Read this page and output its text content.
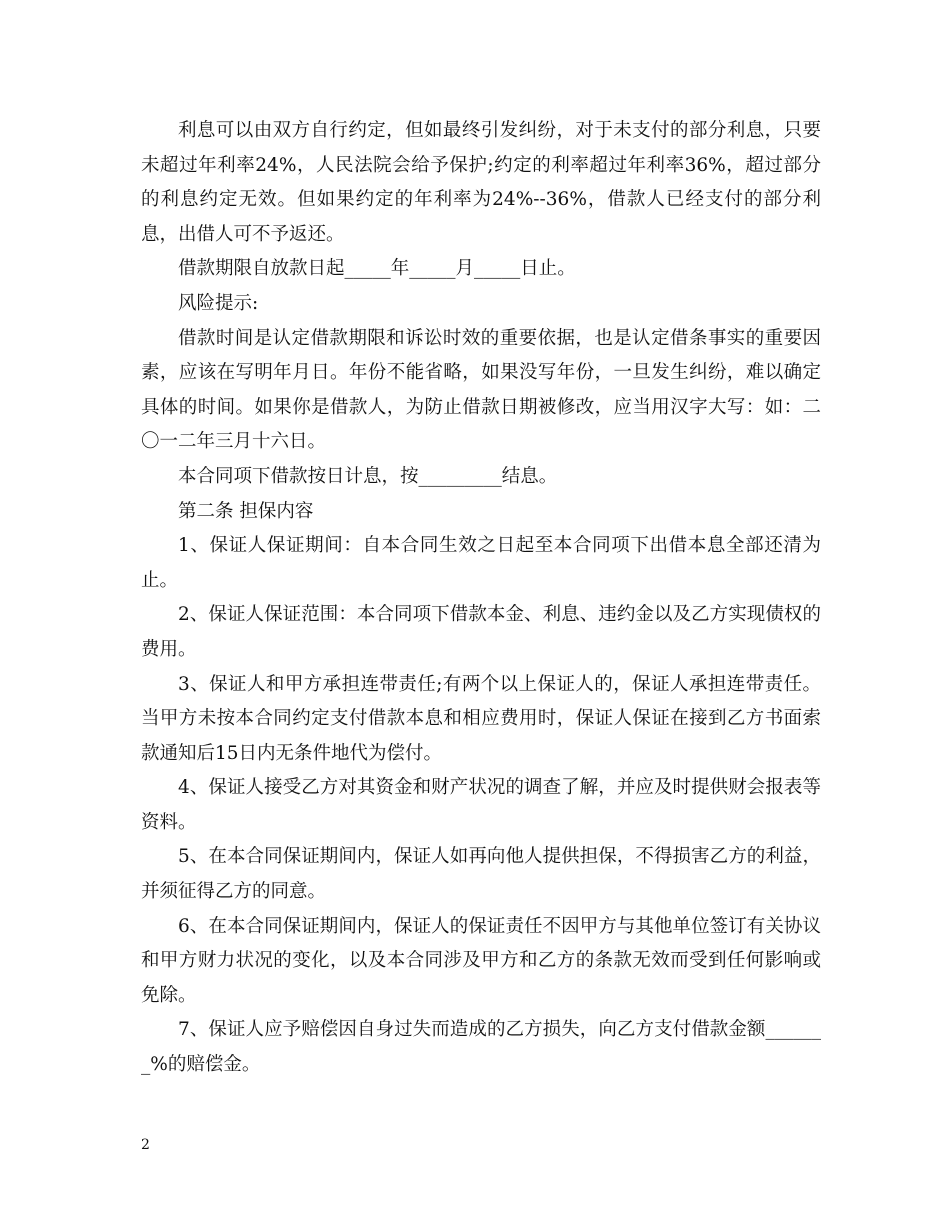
利息可以由双方自行约定，但如最终引发纠纷，对于未支付的部分利息，只要未超过年利率24%，人民法院会给予保护;约定的利率超过年利率36%，超过部分的利息约定无效。但如果约定的年利率为24%--36%，借款人已经支付的部分利息，出借人可不予返还。

借款期限自放款日起_____年_____月_____日止。

风险提示:

借款时间是认定借款期限和诉讼时效的重要依据，也是认定借条事实的重要因素，应该在写明年月日。年份不能省略，如果没写年份，一旦发生纠纷，难以确定具体的时间。如果你是借款人，为防止借款日期被修改，应当用汉字大写：如：二〇一二年三月十六日。

本合同项下借款按日计息，按_________结息。

第二条 担保内容

1、保证人保证期间：自本合同生效之日起至本合同项下出借本息全部还清为止。

2、保证人保证范围：本合同项下借款本金、利息、违约金以及乙方实现债权的费用。

3、保证人和甲方承担连带责任;有两个以上保证人的，保证人承担连带责任。当甲方未按本合同约定支付借款本息和相应费用时，保证人保证在接到乙方书面索款通知后15日内无条件地代为偿付。

4、保证人接受乙方对其资金和财产状况的调查了解，并应及时提供财会报表等资料。

5、在本合同保证期间内，保证人如再向他人提供担保，不得损害乙方的利益，并须征得乙方的同意。

6、在本合同保证期间内，保证人的保证责任不因甲方与其他单位签订有关协议和甲方财力状况的变化，以及本合同涉及甲方和乙方的条款无效而受到任何影响或免除。

7、保证人应予赔偿因自身过失而造成的乙方损失，向乙方支付借款金额_______%的赔偿金。

2
